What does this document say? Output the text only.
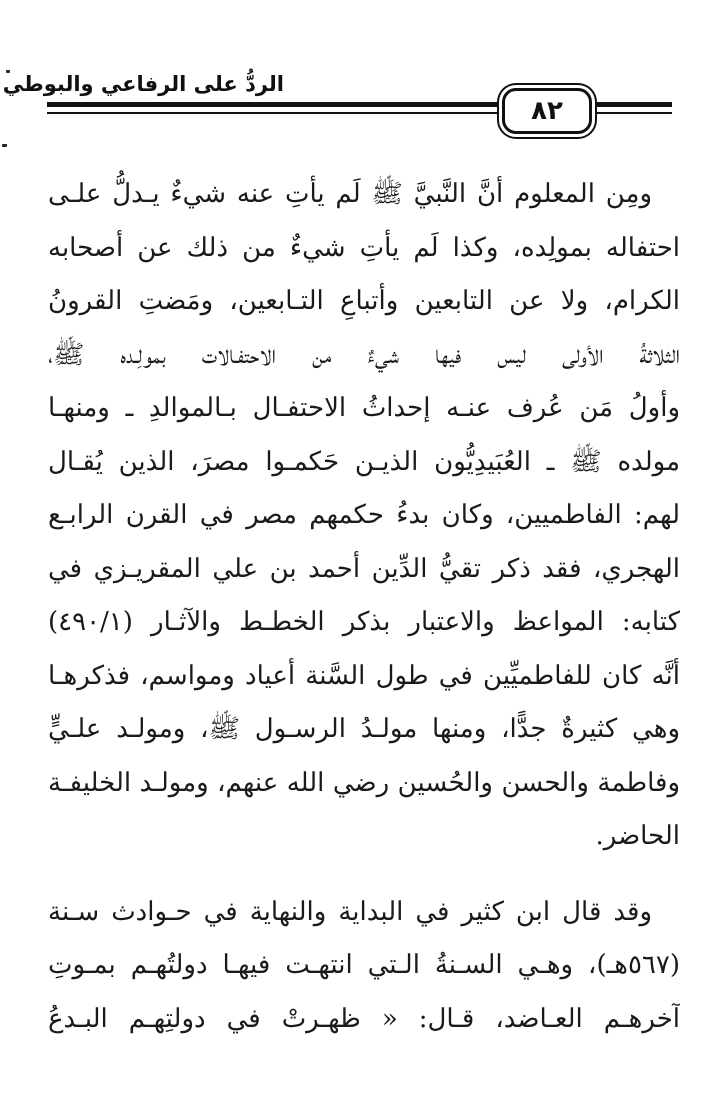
الردُّ على الرفاعي والبوطي
٨٢
ومِن المعلوم أنَّ النَّبيَّ ﷺ لَم يأتِ عنه شيءٌ يـدلُّ علـى
احتفاله بمولِده، وكذا لَم يأتِ شيءٌ من ذلك عن أصحابه
الكرام، ولا عن التابعين وأتباعِ التـابعين، ومَضتِ القرونُ
الثلاثةُ الأولى ليس فيها شيءٌ من الاحتفـالات بمولِـده ﷺ،
وأولُ مَن عُرف عنـه إحداثُ الاحتفـال بـالموالدِ ـ ومنهـا
مولده ﷺ ـ العُبَيدِيُّون الذيـن حَكمـوا مصرَ، الذين يُقـال
لهم: الفاطميين، وكان بدءُ حكمهم مصر في القرن الرابـع
الهجري، فقد ذكر تقيُّ الدِّين أحمد بن علي المقريـزي في
كتابه: المواعظ والاعتبار بذكر الخطـط والآثـار (٤٩٠/١)
أنَّه كان للفاطميِّين في طول السَّنة أعياد ومواسم، فذكرهـا
وهي كثيرةٌ جدًّا، ومنها مولـدُ الرسـول ﷺ، ومولـد علـيٍّ
وفاطمة والحسن والحُسين رضي الله عنهم، ومولـد الخليفـة
الحاضر.
وقد قال ابن كثير في البداية والنهاية في حـوادث سـنة
(٥٦٧هـ)، وهـي السـنةُ الـتي انتهـت فيهـا دولتُهـم بمـوتِ
آخرهـم العـاضد، قـال: « ظهـرتْ في دولتِهـم البـدعُ
